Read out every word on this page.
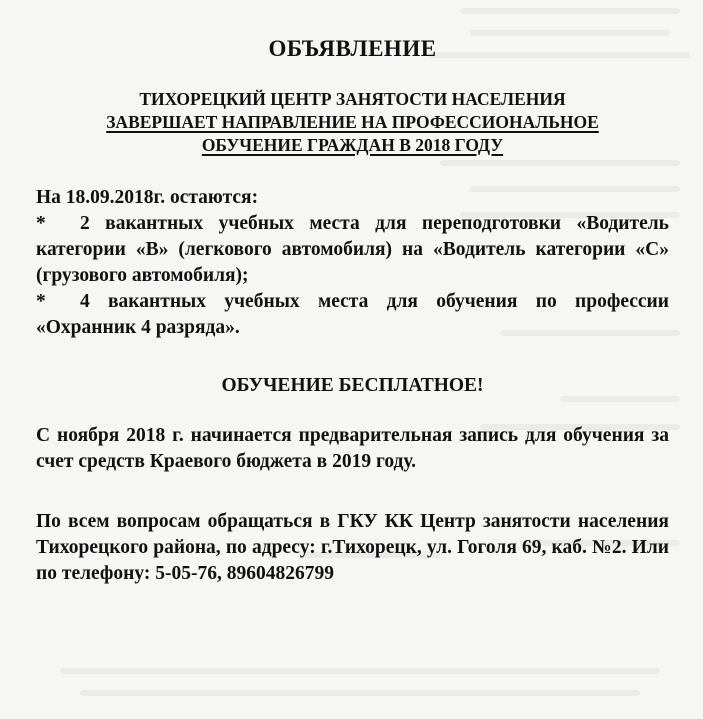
ОБЪЯВЛЕНИЕ
ТИХОРЕЦКИЙ ЦЕНТР ЗАНЯТОСТИ НАСЕЛЕНИЯ
ЗАВЕРШАЕТ НАПРАВЛЕНИЕ НА ПРОФЕССИОНАЛЬНОЕ
ОБУЧЕНИЕ ГРАЖДАН В 2018 ГОДУ
На 18.09.2018г. остаются:
* 2 вакантных учебных места для переподготовки «Водитель категории «В» (легкового автомобиля) на «Водитель категории «С» (грузового автомобиля);
* 4 вакантных учебных места для обучения по профессии «Охранник 4 разряда».
ОБУЧЕНИЕ БЕСПЛАТНОЕ!
С ноября 2018 г. начинается предварительная запись для обучения за счет средств Краевого бюджета в 2019 году.
По всем вопросам обращаться в ГКУ КК Центр занятости населения Тихорецкого района, по адресу: г.Тихорецк, ул. Гоголя 69, каб. №2. Или по телефону: 5-05-76, 89604826799
